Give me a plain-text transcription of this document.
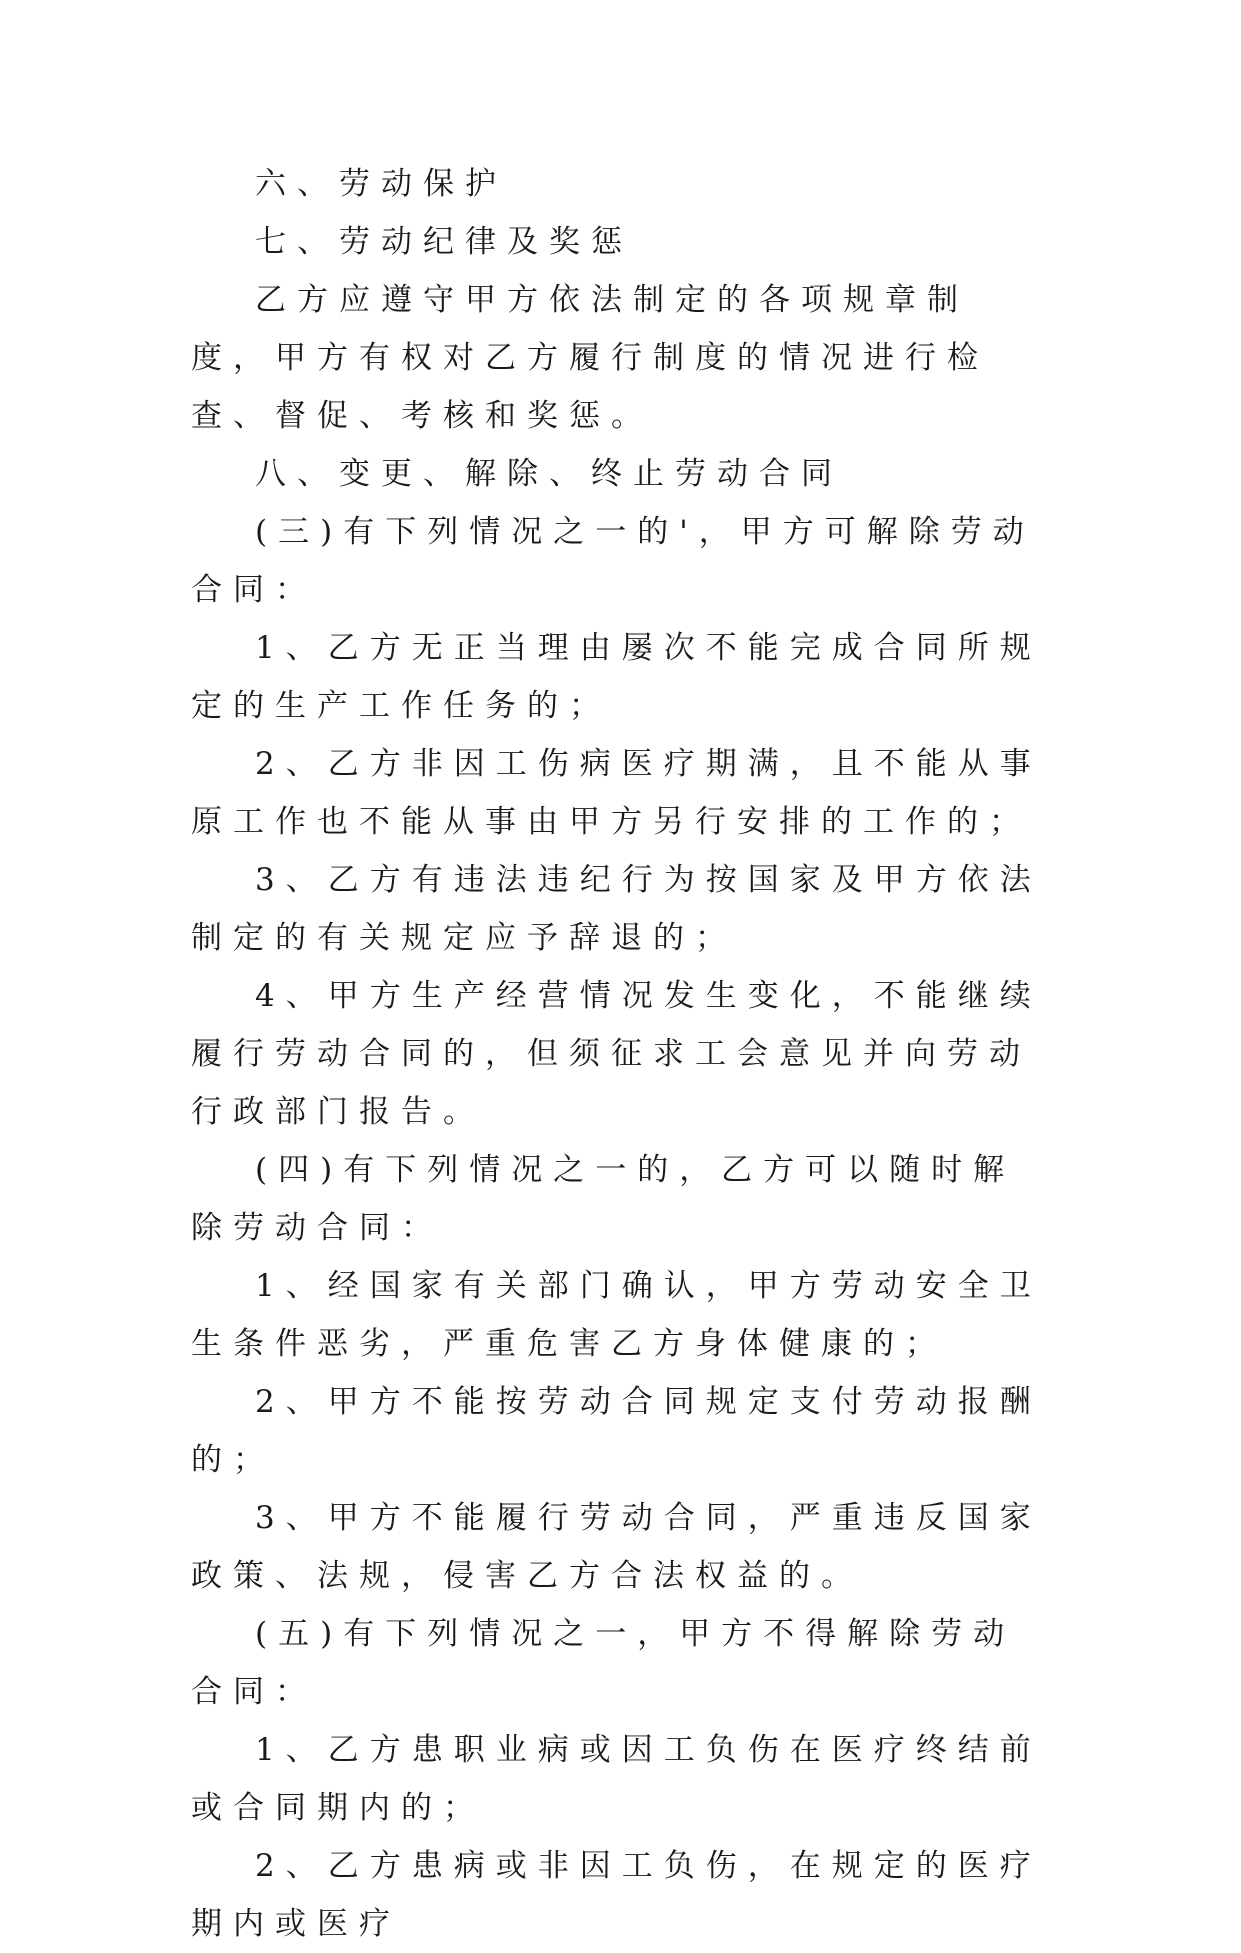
六、劳动保护

七、劳动纪律及奖惩

乙方应遵守甲方依法制定的各项规章制度，甲方有权对乙方履行制度的情况进行检查、督促、考核和奖惩。

八、变更、解除、终止劳动合同

(三)有下列情况之一的'，甲方可解除劳动合同：

1、乙方无正当理由屡次不能完成合同所规定的生产工作任务的；

2、乙方非因工伤病医疗期满，且不能从事原工作也不能从事由甲方另行安排的工作的；

3、乙方有违法违纪行为按国家及甲方依法制定的有关规定应予辞退的；

4、甲方生产经营情况发生变化，不能继续履行劳动合同的，但须征求工会意见并向劳动行政部门报告。

(四)有下列情况之一的，乙方可以随时解除劳动合同：

1、经国家有关部门确认，甲方劳动安全卫生条件恶劣，严重危害乙方身体健康的；

2、甲方不能按劳动合同规定支付劳动报酬的；

3、甲方不能履行劳动合同，严重违反国家政策、法规，侵害乙方合法权益的。

(五)有下列情况之一，甲方不得解除劳动合同：

1、乙方患职业病或因工负伤在医疗终结前或合同期内的；

2、乙方患病或非因工负伤，在规定的医疗期内或医疗
